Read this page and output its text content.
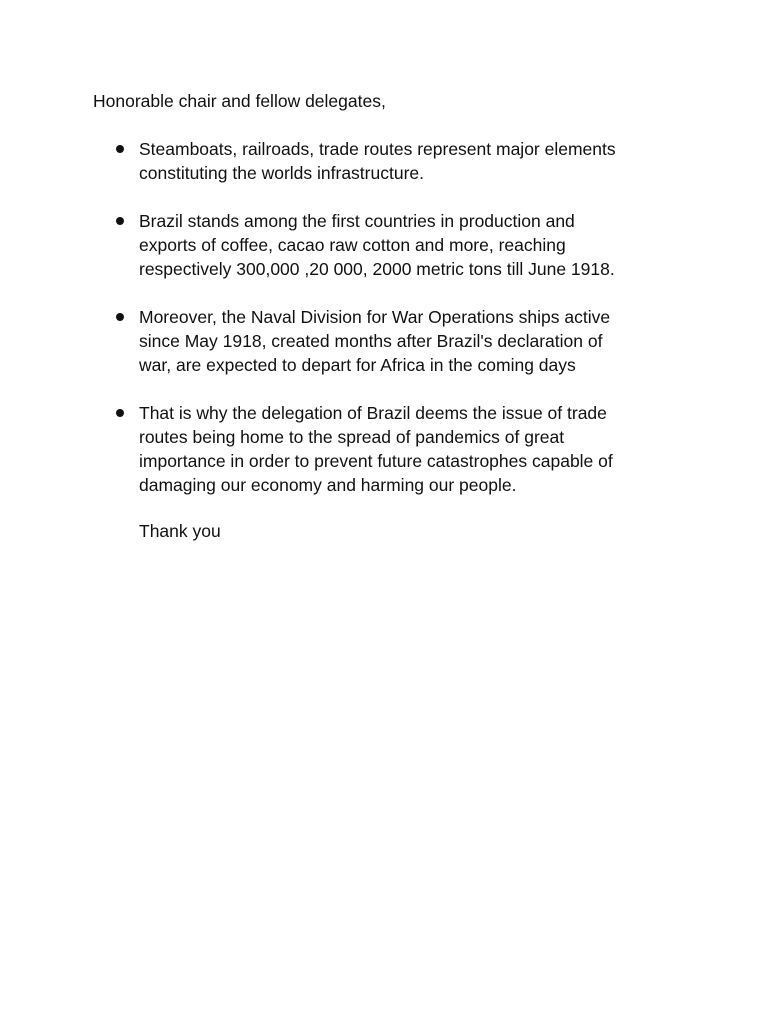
Honorable chair and fellow delegates,
Steamboats, railroads, trade routes represent major elements
constituting the worlds infrastructure.
Brazil stands among the first countries in production and
exports of coffee, cacao raw cotton and more, reaching
respectively 300,000 ,20 000, 2000 metric tons till June 1918.
Moreover, the Naval Division for War Operations ships active
since May 1918, created months after Brazil's declaration of
war, are expected to depart for Africa in the coming days
That is why the delegation of Brazil deems the issue of trade
routes being home to the spread of pandemics of great
importance in order to prevent future catastrophes capable of
damaging our economy and harming our people.
Thank you
